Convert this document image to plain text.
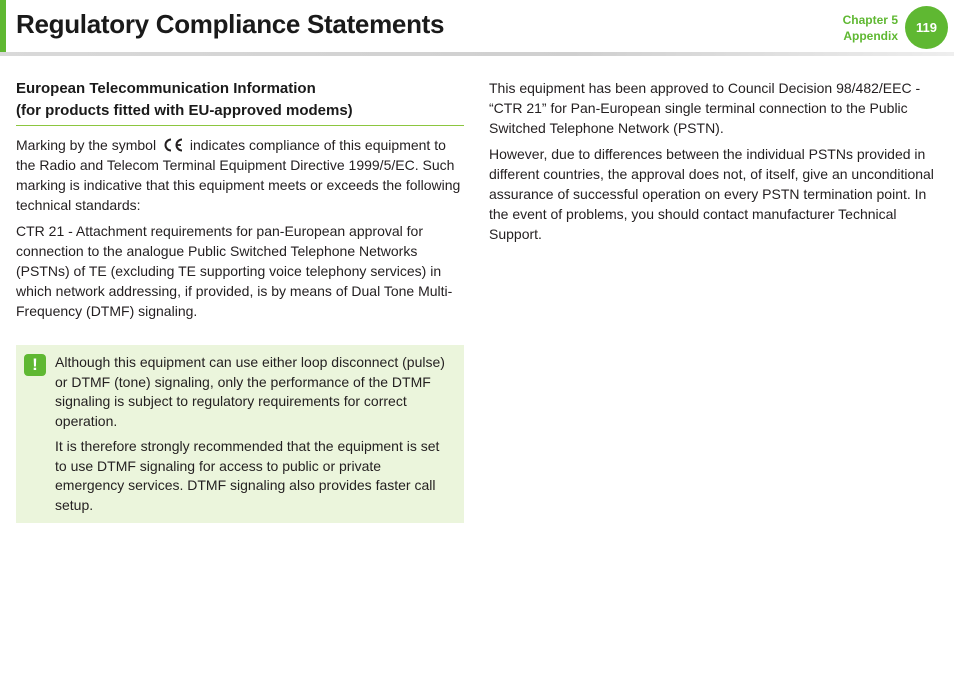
Regulatory Compliance Statements	Chapter 5
Appendix
119
European Telecommunication Information
(for products fitted with EU-approved modems)

Marking by the symbol indicates compliance of this equipment to the Radio and Telecom Terminal Equipment Directive 1999/5/EC. Such marking is indicative that this equipment meets or exceeds the following technical standards:

CTR 21 - Attachment requirements for pan-European approval for connection to the analogue Public Switched Telephone Networks (PSTNs) of TE (excluding TE supporting voice telephony services) in which network addressing, if provided, is by means of Dual Tone Multi-Frequency (DTMF) signaling.

!	Although this equipment can use either loop disconnect (pulse) or DTMF (tone) signaling, only the performance of the DTMF signaling is subject to regulatory requirements for correct operation.

It is therefore strongly recommended that the equipment is set to use DTMF signaling for access to public or private emergency services. DTMF signaling also provides faster call setup.

This equipment has been approved to Council Decision 98/482/EEC - “CTR 21” for Pan-European single terminal connection to the Public Switched Telephone Network (PSTN).

However, due to differences between the individual PSTNs provided in different countries, the approval does not, of itself, give an unconditional assurance of successful operation on every PSTN termination point. In the event of problems, you should contact manufacturer Technical Support.
